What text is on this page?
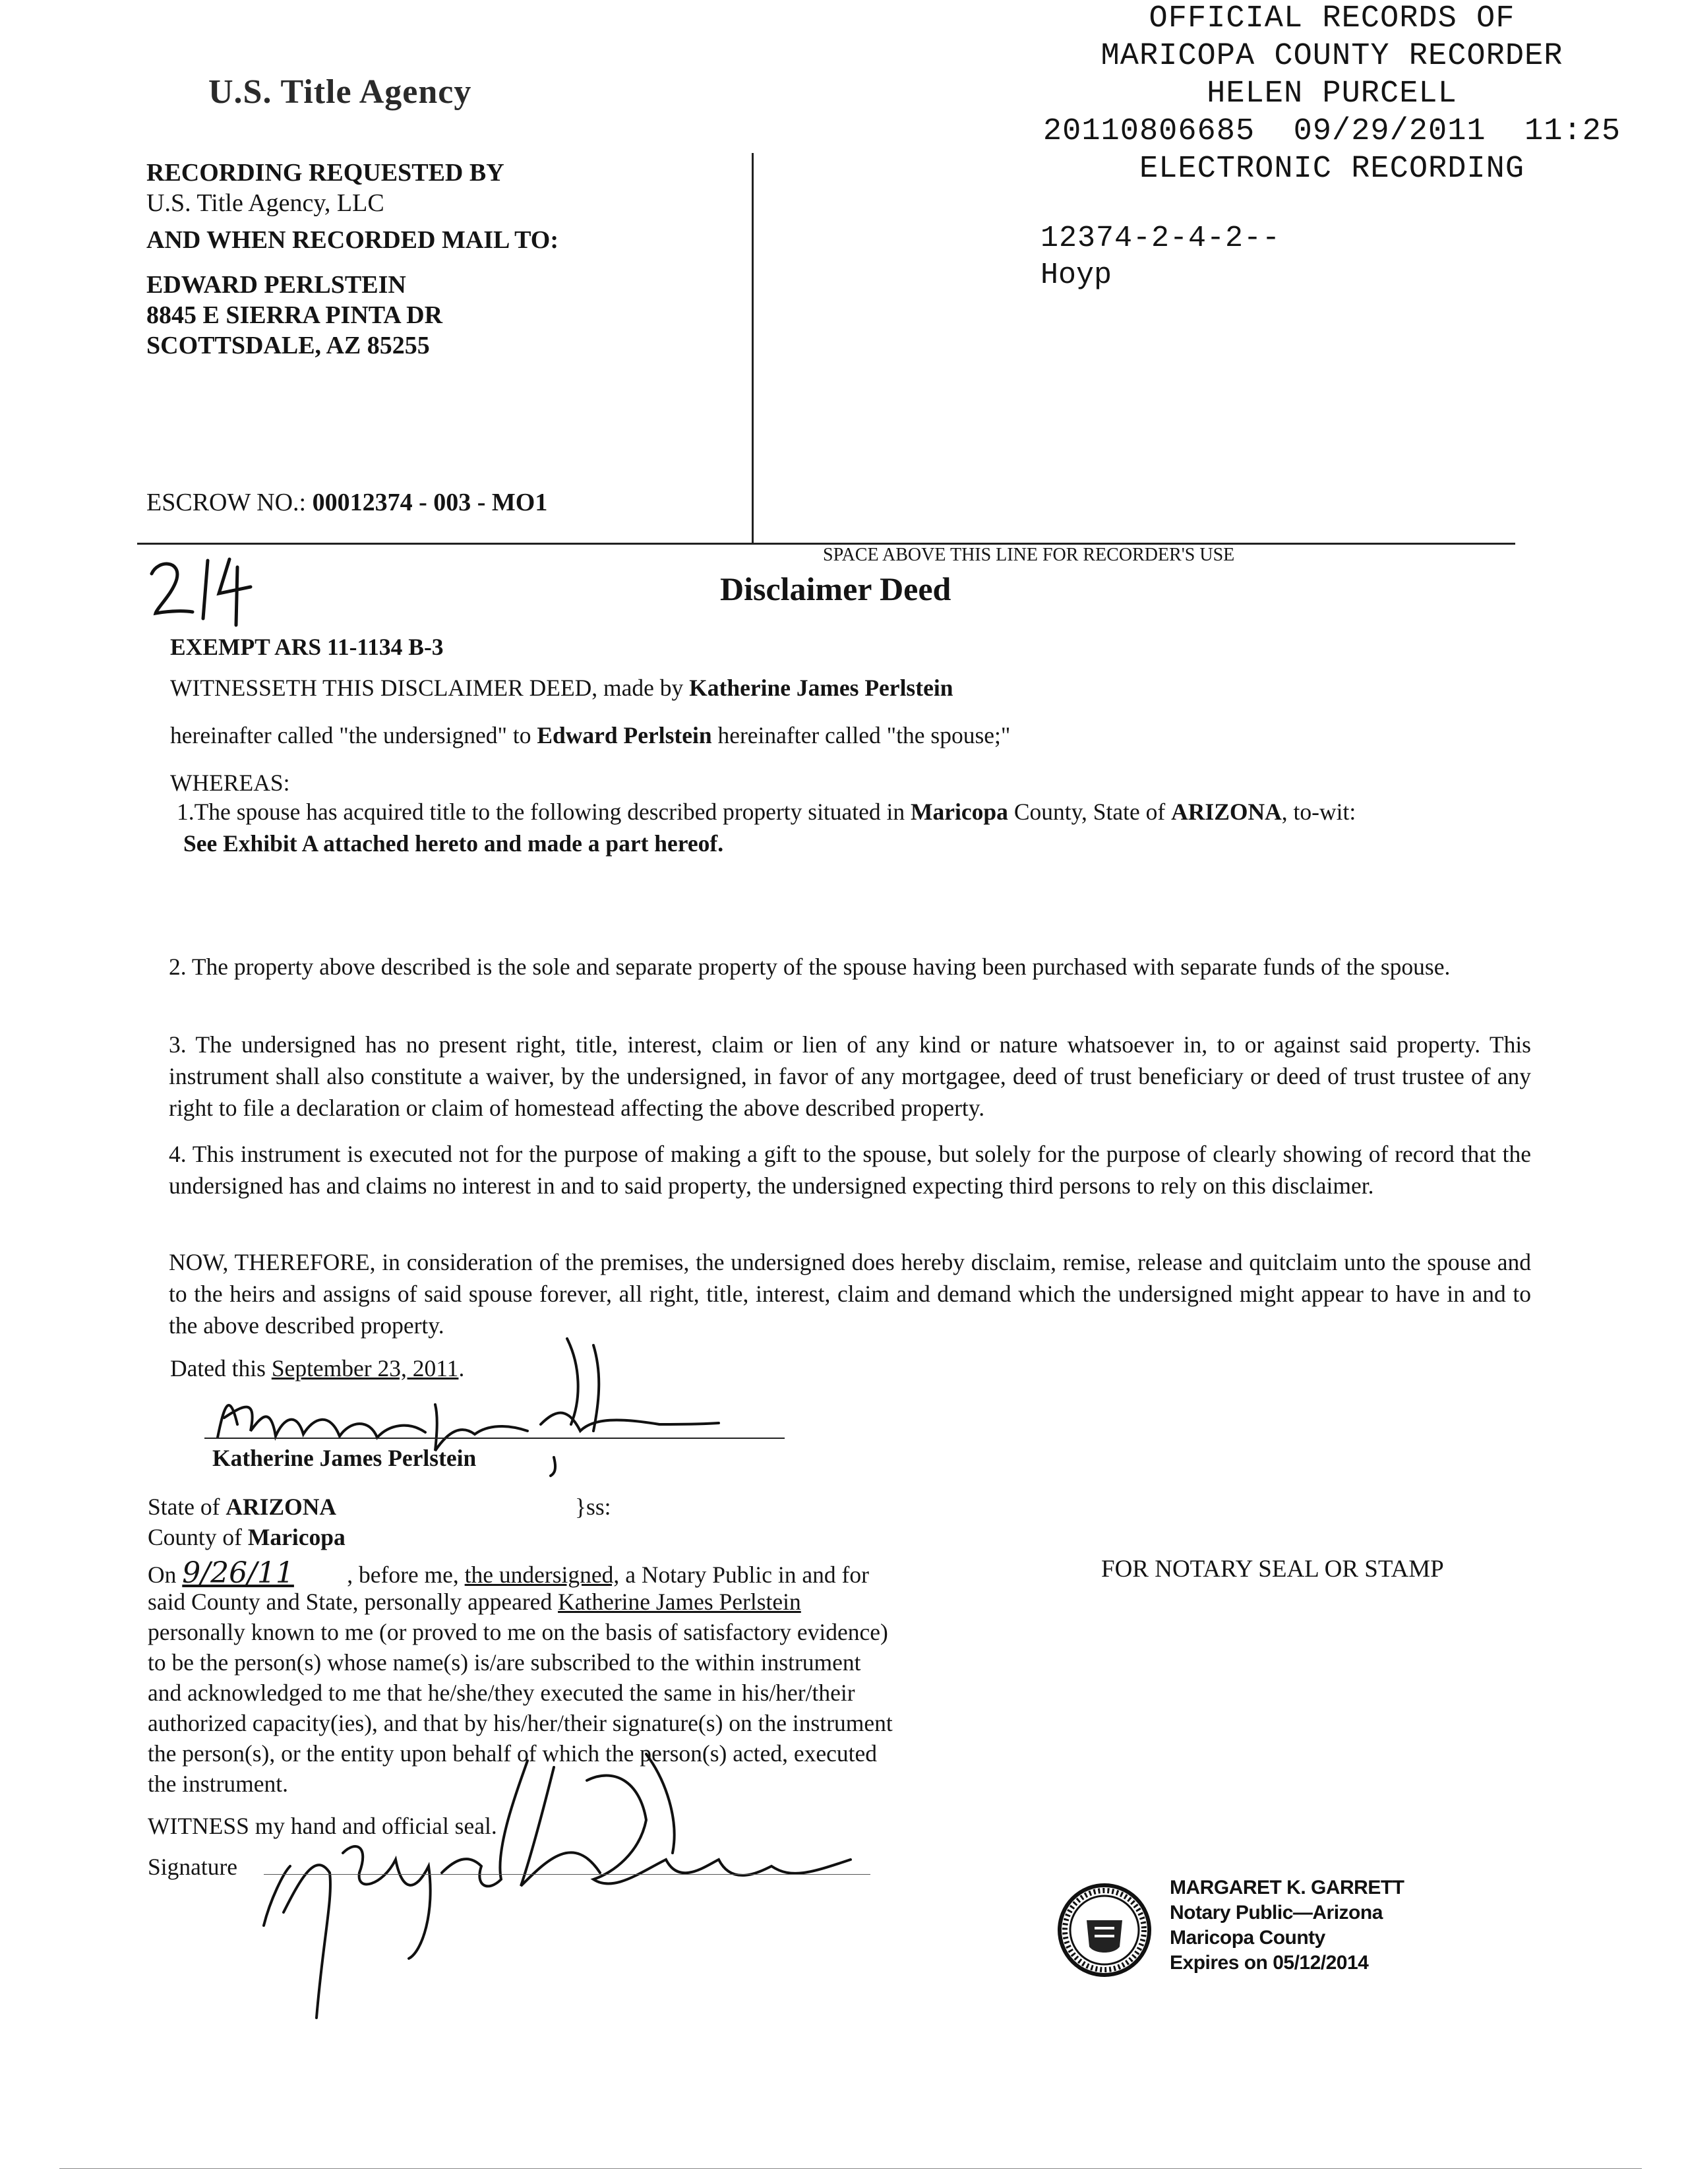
U.S. Title Agency
OFFICIAL RECORDS OF
MARICOPA COUNTY RECORDER
HELEN PURCELL
20110806685  09/29/2011  11:25
ELECTRONIC RECORDING
12374-2-4-2--
Hoyp
RECORDING REQUESTED BY
U.S. Title Agency, LLC
AND WHEN RECORDED MAIL TO:
EDWARD PERLSTEIN
8845 E SIERRA PINTA DR
SCOTTSDALE, AZ 85255
ESCROW NO.: 00012374 - 003 - MO1
SPACE ABOVE THIS LINE FOR RECORDER'S USE
2/4
Disclaimer Deed
EXEMPT ARS 11-1134 B-3
WITNESSETH THIS DISCLAIMER DEED, made by Katherine James Perlstein
hereinafter called "the undersigned" to Edward Perlstein hereinafter called "the spouse;"
WHEREAS:
1.The spouse has acquired title to the following described property situated in Maricopa County, State of ARIZONA, to-wit:
See Exhibit A attached hereto and made a part hereof.
2. The property above described is the sole and separate property of the spouse having been purchased with separate funds of the spouse.
3. The undersigned has no present right, title, interest, claim or lien of any kind or nature whatsoever in, to or against said property. This instrument shall also constitute a waiver, by the undersigned, in favor of any mortgagee, deed of trust beneficiary or deed of trust trustee of any right to file a declaration or claim of homestead affecting the above described property.
4. This instrument is executed not for the purpose of making a gift to the spouse, but solely for the purpose of clearly showing of record that the undersigned has and claims no interest in and to said property, the undersigned expecting third persons to rely on this disclaimer.
NOW, THEREFORE, in consideration of the premises, the undersigned does hereby disclaim, remise, release and quitclaim unto the spouse and to the heirs and assigns of said spouse forever, all right, title, interest, claim and demand which the undersigned might appear to have in and to the above described property.
Dated this September 23, 2011.
Katherine James Perlstein
State of ARIZONA	}ss:
County of Maricopa
On 9/26/11 , before me, the undersigned, a Notary Public in and for
said County and State, personally appeared Katherine James Perlstein
personally known to me (or proved to me on the basis of satisfactory evidence)
to be the person(s) whose name(s) is/are subscribed to the within instrument
and acknowledged to me that he/she/they executed the same in his/her/their
authorized capacity(ies), and that by his/her/their signature(s) on the instrument
the person(s), or the entity upon behalf of which the person(s) acted, executed
the instrument.
WITNESS my hand and official seal.
Signature
FOR NOTARY SEAL OR STAMP
MARGARET K. GARRETT
Notary Public—Arizona
Maricopa County
Expires on 05/12/2014
